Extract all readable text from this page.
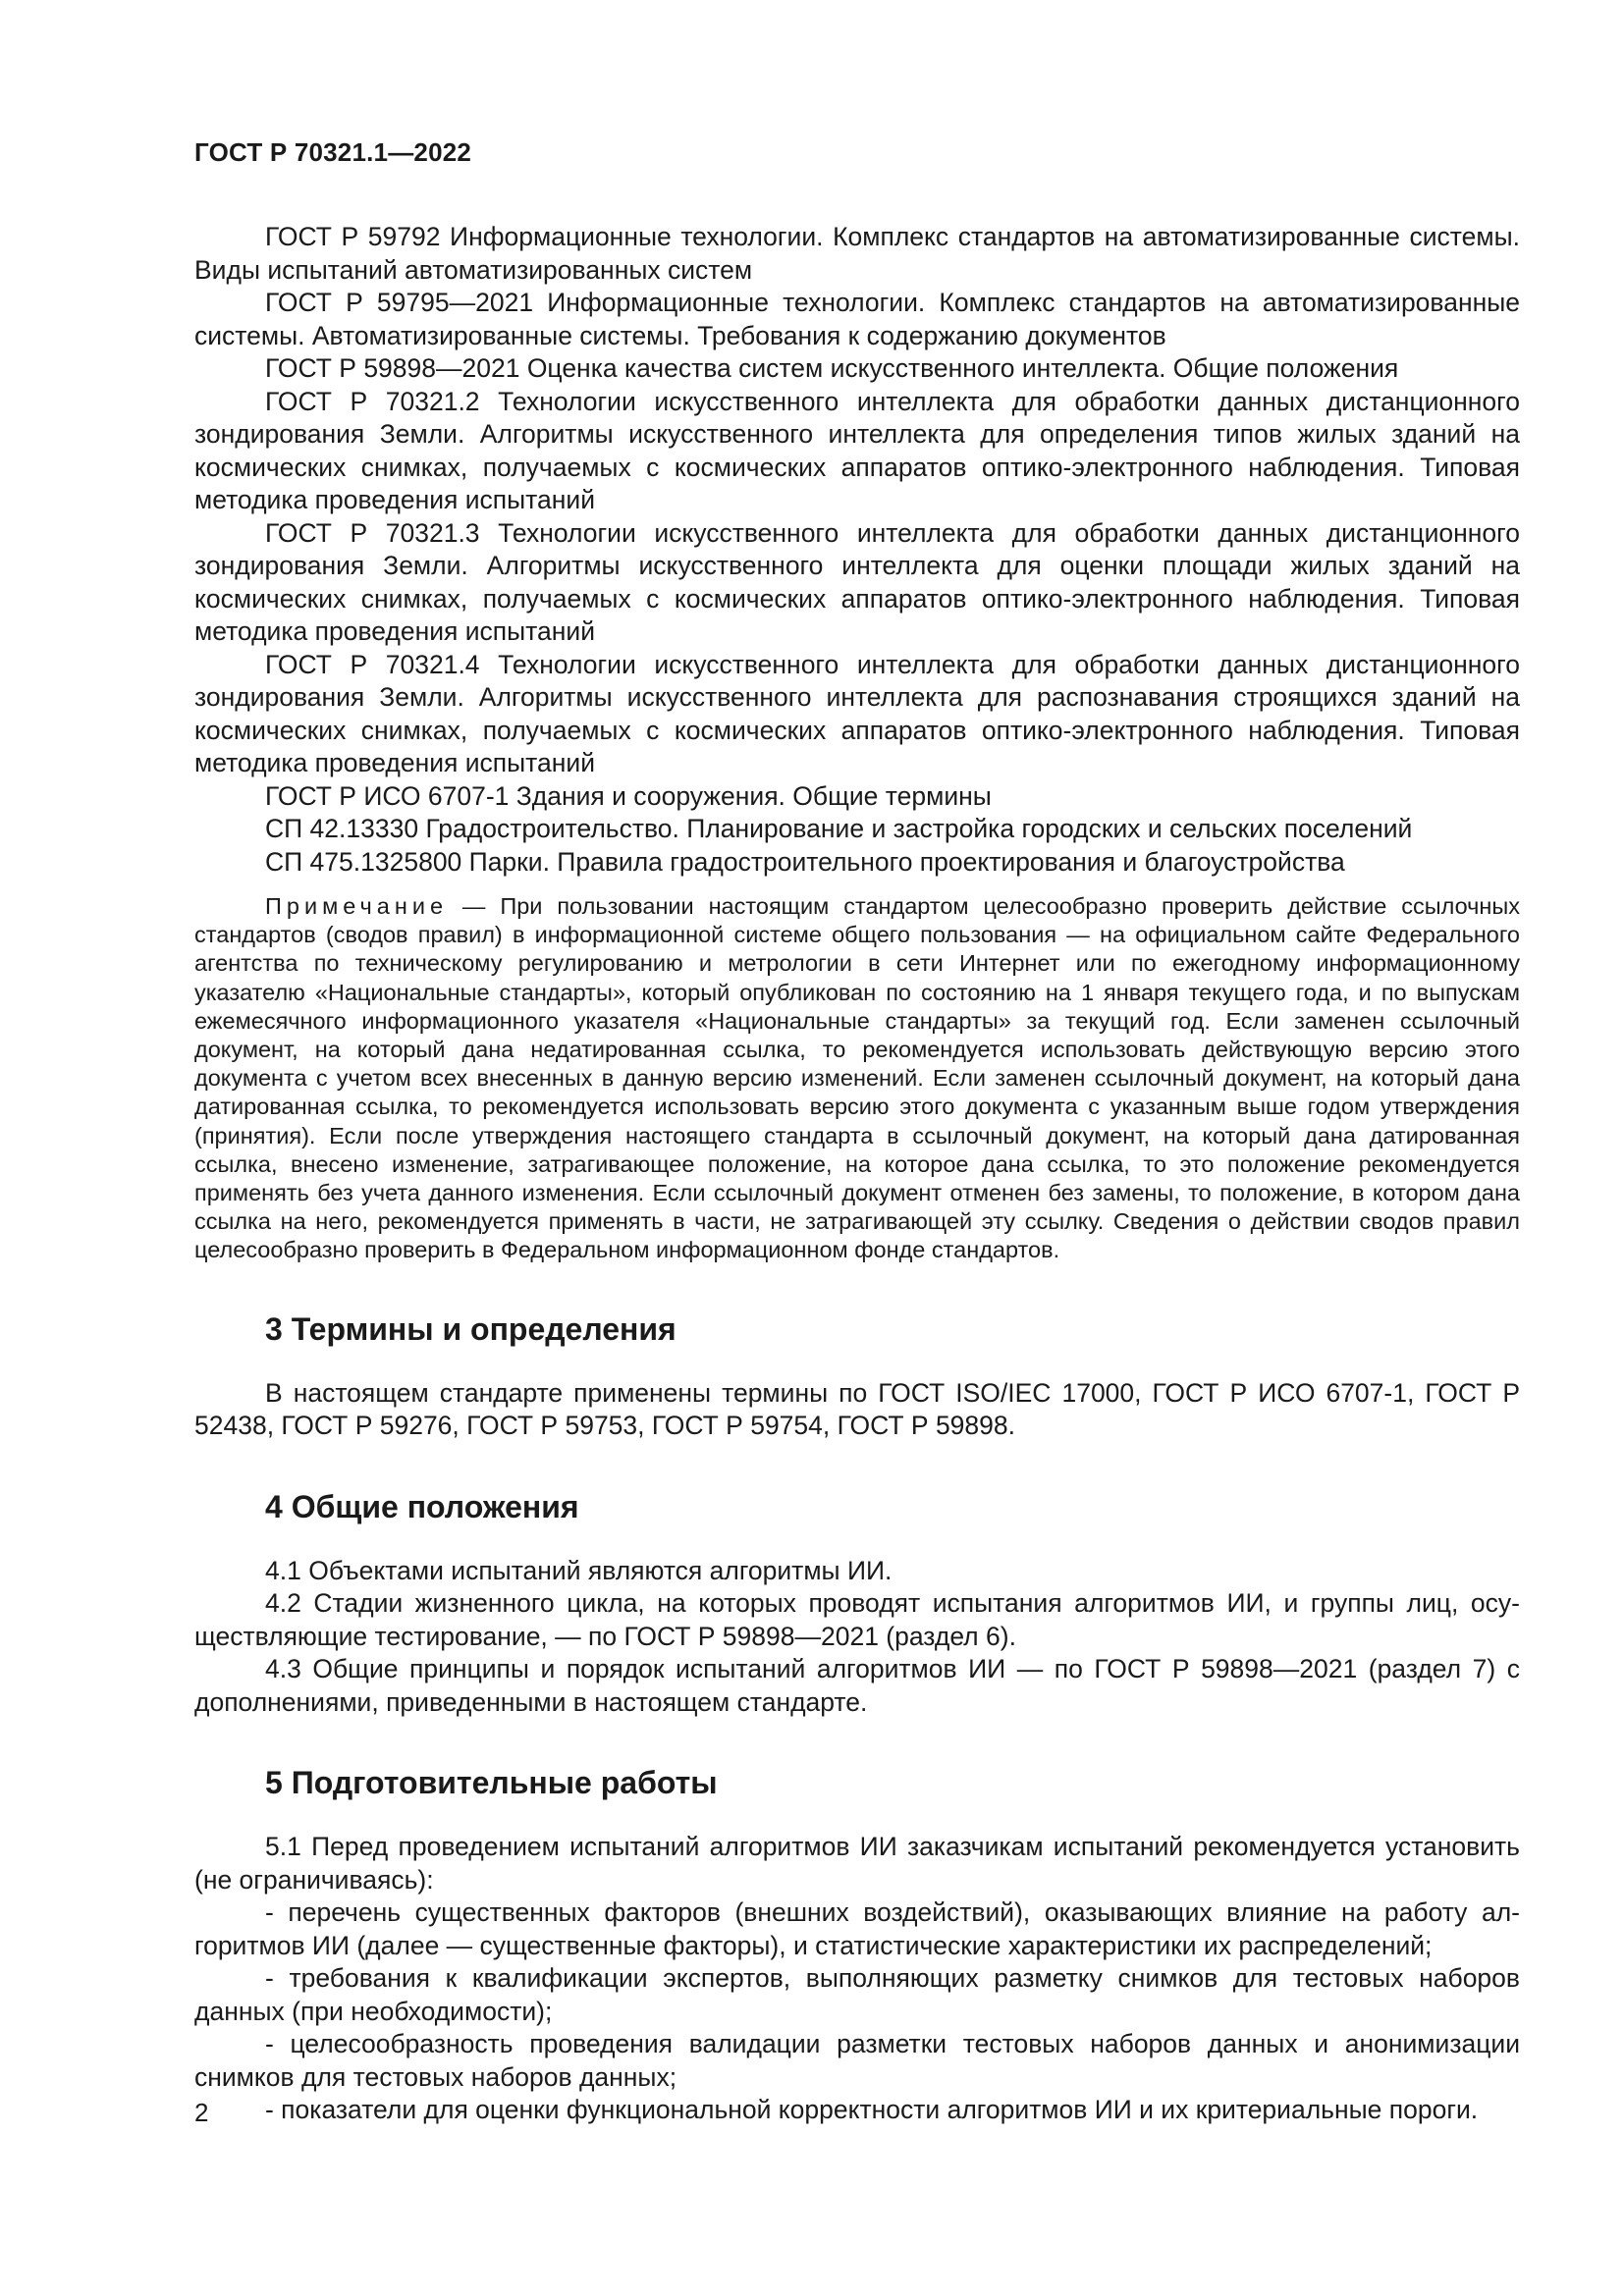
ГОСТ Р 70321.1—2022

ГОСТ Р 59792 Информационные технологии. Комплекс стандартов на автоматизированные системы. Виды испытаний автоматизированных систем

ГОСТ Р 59795—2021 Информационные технологии. Комплекс стандартов на автоматизированные системы. Автоматизированные системы. Требования к содержанию документов

ГОСТ Р 59898—2021 Оценка качества систем искусственного интеллекта. Общие положения

ГОСТ Р 70321.2 Технологии искусственного интеллекта для обработки данных дистанционного зондирования Земли. Алгоритмы искусственного интеллекта для определения типов жилых зданий на космических снимках, получаемых с космических аппаратов оптико-электронного наблюдения. Типовая методика проведения испытаний

ГОСТ Р 70321.3 Технологии искусственного интеллекта для обработки данных дистанционного зондирования Земли. Алгоритмы искусственного интеллекта для оценки площади жилых зданий на космических снимках, получаемых с космических аппаратов оптико-электронного наблюдения. Типовая методика проведения испытаний

ГОСТ Р 70321.4 Технологии искусственного интеллекта для обработки данных дистанционного зондирования Земли. Алгоритмы искусственного интеллекта для распознавания строящихся зданий на космических снимках, получаемых с космических аппаратов оптико-электронного наблюдения. Типовая методика проведения испытаний

ГОСТ Р ИСО 6707-1 Здания и сооружения. Общие термины

СП 42.13330 Градостроительство. Планирование и застройка городских и сельских поселений

СП 475.1325800 Парки. Правила градостроительного проектирования и благоустройства

Примечание — При пользовании настоящим стандартом целесообразно проверить действие ссылочных стандартов (сводов правил) в информационной системе общего пользования — на официальном сайте Федерального агентства по техническому регулированию и метрологии в сети Интернет или по ежегодному информационному указателю «Национальные стандарты», который опубликован по состоянию на 1 января текущего года, и по выпускам ежемесячного информационного указателя «Национальные стандарты» за текущий год. Если заменен ссылочный документ, на который дана недатированная ссылка, то рекомендуется использовать действующую версию этого документа с учетом всех внесенных в данную версию изменений. Если заменен ссылочный документ, на который дана датированная ссылка, то рекомендуется использовать версию этого документа с указанным выше годом утверждения (принятия). Если после утверждения настоящего стандарта в ссылочный документ, на который дана датированная ссылка, внесено изменение, затрагивающее положение, на которое дана ссылка, то это положение рекомендуется применять без учета данного изменения. Если ссылочный документ отменен без замены, то положение, в котором дана ссылка на него, рекомендуется применять в части, не затрагивающей эту ссылку. Сведения о действии сводов правил целесообразно проверить в Федеральном информационном фонде стандартов.

3 Термины и определения

В настоящем стандарте применены термины по ГОСТ ISO/IEC 17000, ГОСТ Р ИСО 6707-1, ГОСТ Р 52438, ГОСТ Р 59276, ГОСТ Р 59753, ГОСТ Р 59754, ГОСТ Р 59898.

4 Общие положения

4.1 Объектами испытаний являются алгоритмы ИИ.

4.2 Стадии жизненного цикла, на которых проводят испытания алгоритмов ИИ, и группы лиц, осуществляющие тестирование, — по ГОСТ Р 59898—2021 (раздел 6).

4.3 Общие принципы и порядок испытаний алгоритмов ИИ — по ГОСТ Р 59898—2021 (раздел 7) с дополнениями, приведенными в настоящем стандарте.

5 Подготовительные работы

5.1 Перед проведением испытаний алгоритмов ИИ заказчикам испытаний рекомендуется установить (не ограничиваясь):

- перечень существенных факторов (внешних воздействий), оказывающих влияние на работу алгоритмов ИИ (далее — существенные факторы), и статистические характеристики их распределений;

- требования к квалификации экспертов, выполняющих разметку снимков для тестовых наборов данных (при необходимости);

- целесообразность проведения валидации разметки тестовых наборов данных и анонимизации снимков для тестовых наборов данных;

- показатели для оценки функциональной корректности алгоритмов ИИ и их критериальные пороги.

2
